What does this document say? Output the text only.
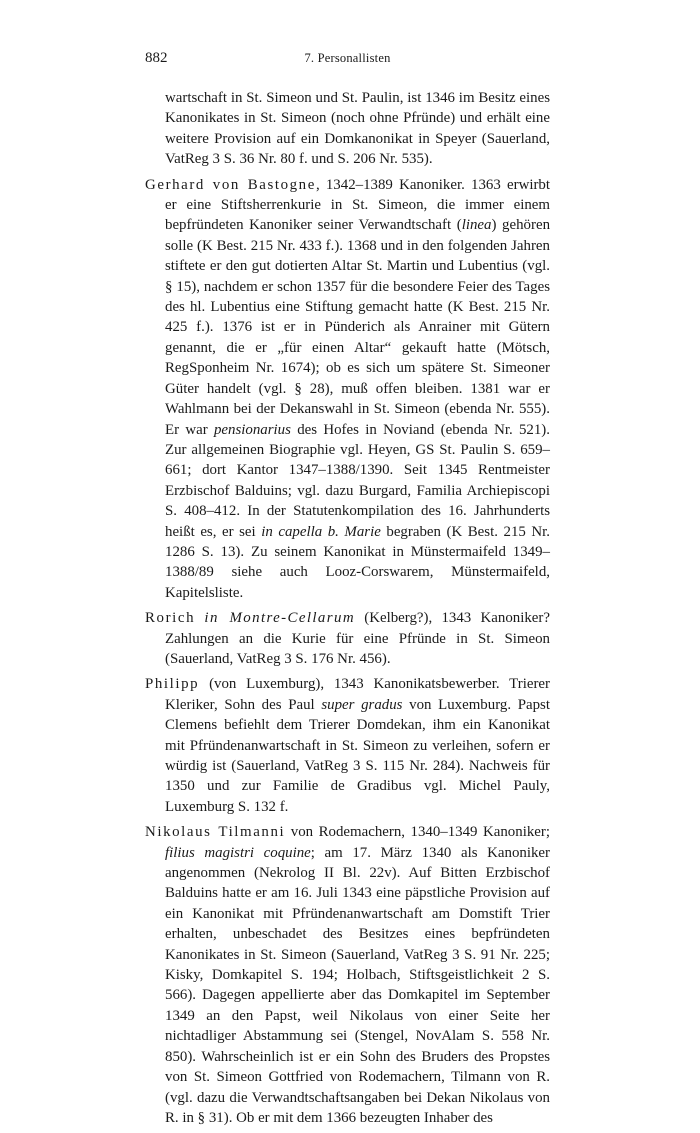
882	7. Personallisten

wartschaft in St. Simeon und St. Paulin, ist 1346 im Besitz eines Kanonikates in St. Simeon (noch ohne Pfründe) und erhält eine weitere Provision auf ein Domkanonikat in Speyer (Sauerland, VatReg 3 S. 36 Nr. 80 f. und S. 206 Nr. 535).

Gerhard von Bastogne, 1342–1389 Kanoniker. 1363 erwirbt er eine Stiftsherrenkurie in St. Simeon, die immer einem bepfründeten Kanoniker seiner Verwandtschaft (linea) gehören solle (K Best. 215 Nr. 433 f.). 1368 und in den folgenden Jahren stiftete er den gut dotierten Altar St. Martin und Lubentius (vgl. § 15), nachdem er schon 1357 für die besondere Feier des Tages des hl. Lubentius eine Stiftung gemacht hatte (K Best. 215 Nr. 425 f.). 1376 ist er in Pünderich als Anrainer mit Gütern genannt, die er „für einen Altar“ gekauft hatte (Mötsch, RegSponheim Nr. 1674); ob es sich um spätere St. Simeoner Güter handelt (vgl. § 28), muß offen bleiben. 1381 war er Wahlmann bei der Dekanswahl in St. Simeon (ebenda Nr. 555). Er war pensionarius des Hofes in Noviand (ebenda Nr. 521). Zur allgemeinen Biographie vgl. Heyen, GS St. Paulin S. 659–661; dort Kantor 1347–1388/1390. Seit 1345 Rentmeister Erzbischof Balduins; vgl. dazu Burgard, Familia Archiepiscopi S. 408–412. In der Statutenkompilation des 16. Jahrhunderts heißt es, er sei in capella b. Marie begraben (K Best. 215 Nr. 1286 S. 13). Zu seinem Kanonikat in Münstermaifeld 1349–1388/89 siehe auch Looz-Corswarem, Münstermaifeld, Kapitelsliste.

Rorich in Montre-Cellarum (Kelberg?), 1343 Kanoniker? Zahlungen an die Kurie für eine Pfründe in St. Simeon (Sauerland, VatReg 3 S. 176 Nr. 456).

Philipp (von Luxemburg), 1343 Kanonikatsbewerber. Trierer Kleriker, Sohn des Paul super gradus von Luxemburg. Papst Clemens befiehlt dem Trierer Domdekan, ihm ein Kanonikat mit Pfründenanwartschaft in St. Simeon zu verleihen, sofern er würdig ist (Sauerland, VatReg 3 S. 115 Nr. 284). Nachweis für 1350 und zur Familie de Gradibus vgl. Michel Pauly, Luxemburg S. 132 f.

Nikolaus Tilmanni von Rodemachern, 1340–1349 Kanoniker; filius magistri coquine; am 17. März 1340 als Kanoniker angenommen (Nekrolog II Bl. 22v). Auf Bitten Erzbischof Balduins hatte er am 16. Juli 1343 eine päpstliche Provision auf ein Kanonikat mit Pfründenanwartschaft am Domstift Trier erhalten, unbeschadet des Besitzes eines bepfründeten Kanonikates in St. Simeon (Sauerland, VatReg 3 S. 91 Nr. 225; Kisky, Domkapitel S. 194; Holbach, Stiftsgeistlichkeit 2 S. 566). Dagegen appellierte aber das Domkapitel im September 1349 an den Papst, weil Nikolaus von einer Seite her nichtadliger Abstammung sei (Stengel, NovAlam S. 558 Nr. 850). Wahrscheinlich ist er ein Sohn des Bruders des Propstes von St. Simeon Gottfried von Rodemachern, Tilmann von R. (vgl. dazu die Verwandtschaftsangaben bei Dekan Nikolaus von R. in § 31). Ob er mit dem 1366 bezeugten Inhaber des
